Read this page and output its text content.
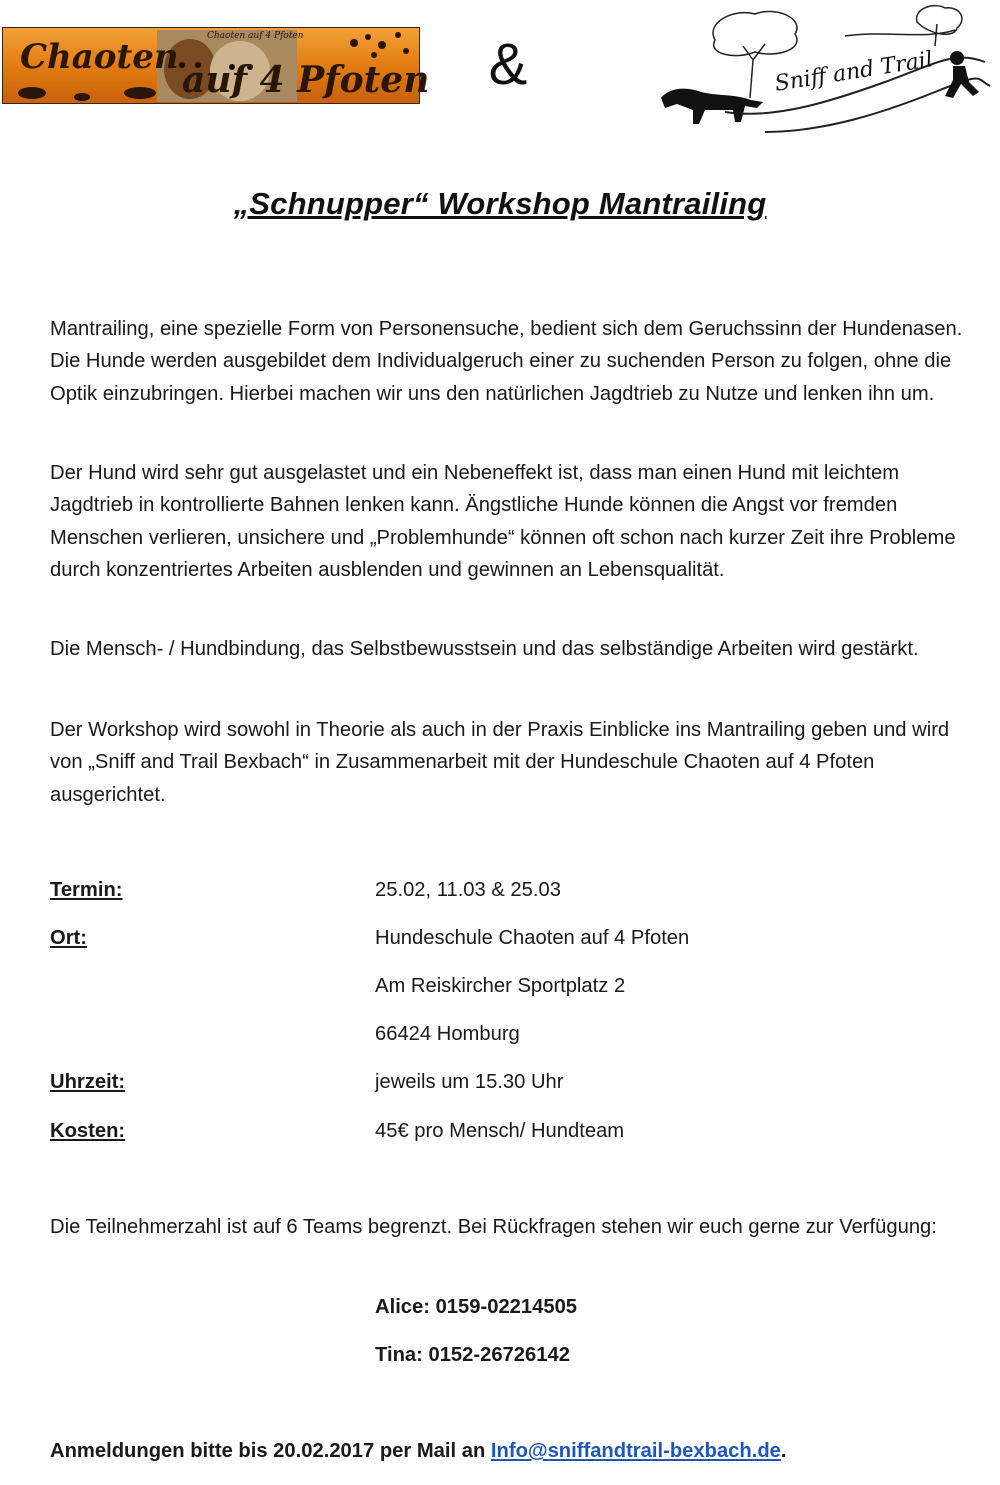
Chaoten
auf 4 Pfoten
Chaoten auf 4 Pfoten	&	Sniff and Trail
„Schnupper“ Workshop Mantrailing

Mantrailing, eine spezielle Form von Personensuche, bedient sich dem Geruchssinn der Hundenasen. Die Hunde werden ausgebildet dem Individualgeruch einer zu suchenden Person zu folgen, ohne die Optik einzubringen. Hierbei machen wir uns den natürlichen Jagdtrieb zu Nutze und lenken ihn um.

Der Hund wird sehr gut ausgelastet und ein Nebeneffekt ist, dass man einen Hund mit leichtem Jagdtrieb in kontrollierte Bahnen lenken kann. Ängstliche Hunde können die Angst vor fremden Menschen verlieren, unsichere und „Problemhunde“ können oft schon nach kurzer Zeit ihre Probleme durch konzentriertes Arbeiten ausblenden und gewinnen an Lebensqualität.

Die Mensch- / Hundbindung, das Selbstbewusstsein und das selbständige Arbeiten wird gestärkt.

Der Workshop wird sowohl in Theorie als auch in der Praxis Einblicke ins Mantrailing geben und wird von „Sniff and Trail Bexbach“ in Zusammenarbeit mit der Hundeschule Chaoten auf 4 Pfoten ausgerichtet.

Termin:	25.02, 11.03 & 25.03
Ort:	Hundeschule Chaoten auf 4 Pfoten
Am Reiskircher Sportplatz 2
66424 Homburg
Uhrzeit:	jeweils um 15.30 Uhr
Kosten:	45€ pro Mensch/ Hundteam

Die Teilnehmerzahl ist auf 6 Teams begrenzt. Bei Rückfragen stehen wir euch gerne zur Verfügung:

Alice: 0159-02214505
Tina: 0152-26726142
Anmeldungen bitte bis 20.02.2017 per Mail an Info@sniffandtrail-bexbach.de.
